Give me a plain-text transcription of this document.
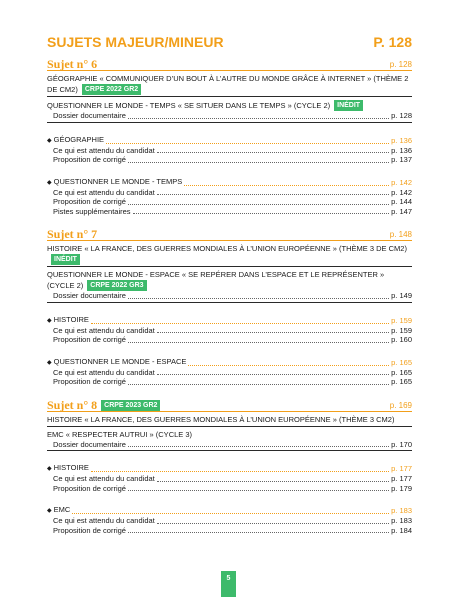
SUJETS MAJEUR/MINEUR	P. 128
Sujet n° 6	p. 128
GÉOGRAPHIE « COMMUNIQUER D’UN BOUT À L’AUTRE DU MONDE GRÂCE À INTERNET » (THÈME 2 DE CM2) CRPE 2022 GR2
QUESTIONNER LE MONDE - TEMPS « SE SITUER DANS LE TEMPS » (CYCLE 2) INÉDIT
Dossier documentaire	p. 128
◆ GÉOGRAPHIE	p. 136
Ce qui est attendu du candidat	p. 136
Proposition de corrigé	p. 137
◆ QUESTIONNER LE MONDE - TEMPS	p. 142
Ce qui est attendu du candidat	p. 142
Proposition de corrigé	p. 144
Pistes supplémentaires	p. 147
Sujet n° 7	p. 148
HISTOIRE « LA FRANCE, DES GUERRES MONDIALES À L’UNION EUROPÉENNE » (THÈME 3 DE CM2)INÉDIT
QUESTIONNER LE MONDE - ESPACE « SE REPÉRER DANS L’ESPACE ET LE REPRÉSENTER » (CYCLE 2) CRPE 2022 GR3
Dossier documentaire	p. 149
◆ HISTOIRE	p. 159
Ce qui est attendu du candidat	p. 159
Proposition de corrigé	p. 160
◆ QUESTIONNER LE MONDE - ESPACE	p. 165
Ce qui est attendu du candidat	p. 165
Proposition de corrigé	p. 165
Sujet n° 8	CRPE 2023 GR2	p. 169
HISTOIRE « LA FRANCE, DES GUERRES MONDIALES À L’UNION EUROPÉENNE » (THÈME 3 CM2)
EMC « RESPECTER AUTRUI » (CYCLE 3)
Dossier documentaire	p. 170
◆ HISTOIRE	p. 177
Ce qui est attendu du candidat	p. 177
Proposition de corrigé	p. 179
◆ EMC	p. 183
Ce qui est attendu du candidat	p. 183
Proposition de corrigé	p. 184
5
